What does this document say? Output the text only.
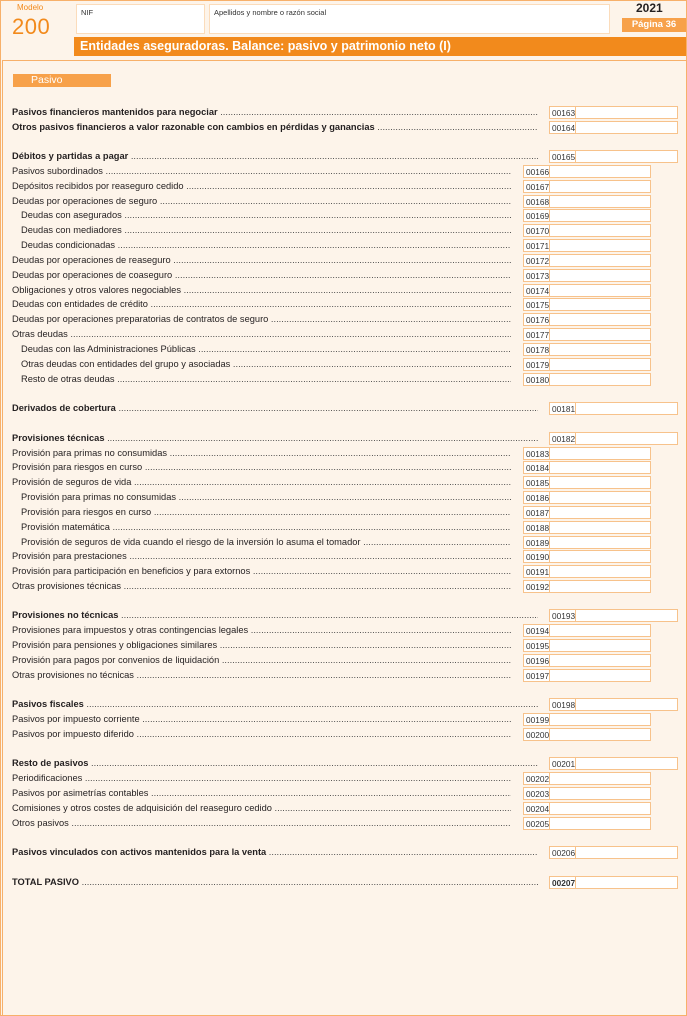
Modelo
200
NIF	Apellidos y nombre o razón social	2021
Página 36
Entidades aseguradoras. Balance: pasivo y patrimonio neto (I)
Pasivo
Pasivos financieros mantenidos para negociar .....	00163
Otros pasivos financieros a valor razonable con cambios en pérdidas y ganancias .....	00164
Débitos y partidas a pagar .....	00165
Pasivos subordinados .....	00166
Depósitos recibidos por reaseguro cedido .....	00167
Deudas por operaciones de seguro .....	00168
Deudas con asegurados .....	00169
Deudas con mediadores .....	00170
Deudas condicionadas .....	00171
Deudas por operaciones de reaseguro .....	00172
Deudas por operaciones de coaseguro .....	00173
Obligaciones y otros valores negociables .....	00174
Deudas con entidades de crédito .....	00175
Deudas por operaciones preparatorias de contratos de seguro .....	00176
Otras deudas .....	00177
Deudas con las Administraciones Públicas .....	00178
Otras deudas con entidades del grupo y asociadas .....	00179
Resto de otras deudas .....	00180
Derivados de cobertura .....	00181
Provisiones técnicas .....	00182
Provisión para primas no consumidas .....	00183
Provisión para riesgos en curso .....	00184
Provisión de seguros de vida .....	00185
Provisión para primas no consumidas .....	00186
Provisión para riesgos en curso .....	00187
Provisión matemática .....	00188
Provisión de seguros de vida cuando el riesgo de la inversión lo asuma el tomador .....	00189
Provisión para prestaciones .....	00190
Provisión para participación en beneficios y para extornos .....	00191
Otras provisiones técnicas .....	00192
Provisiones no técnicas .....	00193
Provisiones para impuestos y otras contingencias legales .....	00194
Provisión para pensiones y obligaciones similares .....	00195
Provisión para pagos por convenios de liquidación .....	00196
Otras provisiones no técnicas .....	00197
Pasivos fiscales .....	00198
Pasivos por impuesto corriente .....	00199
Pasivos por impuesto diferido .....	00200
Resto de pasivos .....	00201
Periodificaciones .....	00202
Pasivos por asimetrías contables .....	00203
Comisiones y otros costes de adquisición del reaseguro cedido .....	00204
Otros pasivos .....	00205
Pasivos vinculados con activos mantenidos para la venta .....	00206
TOTAL PASIVO .....	00207
